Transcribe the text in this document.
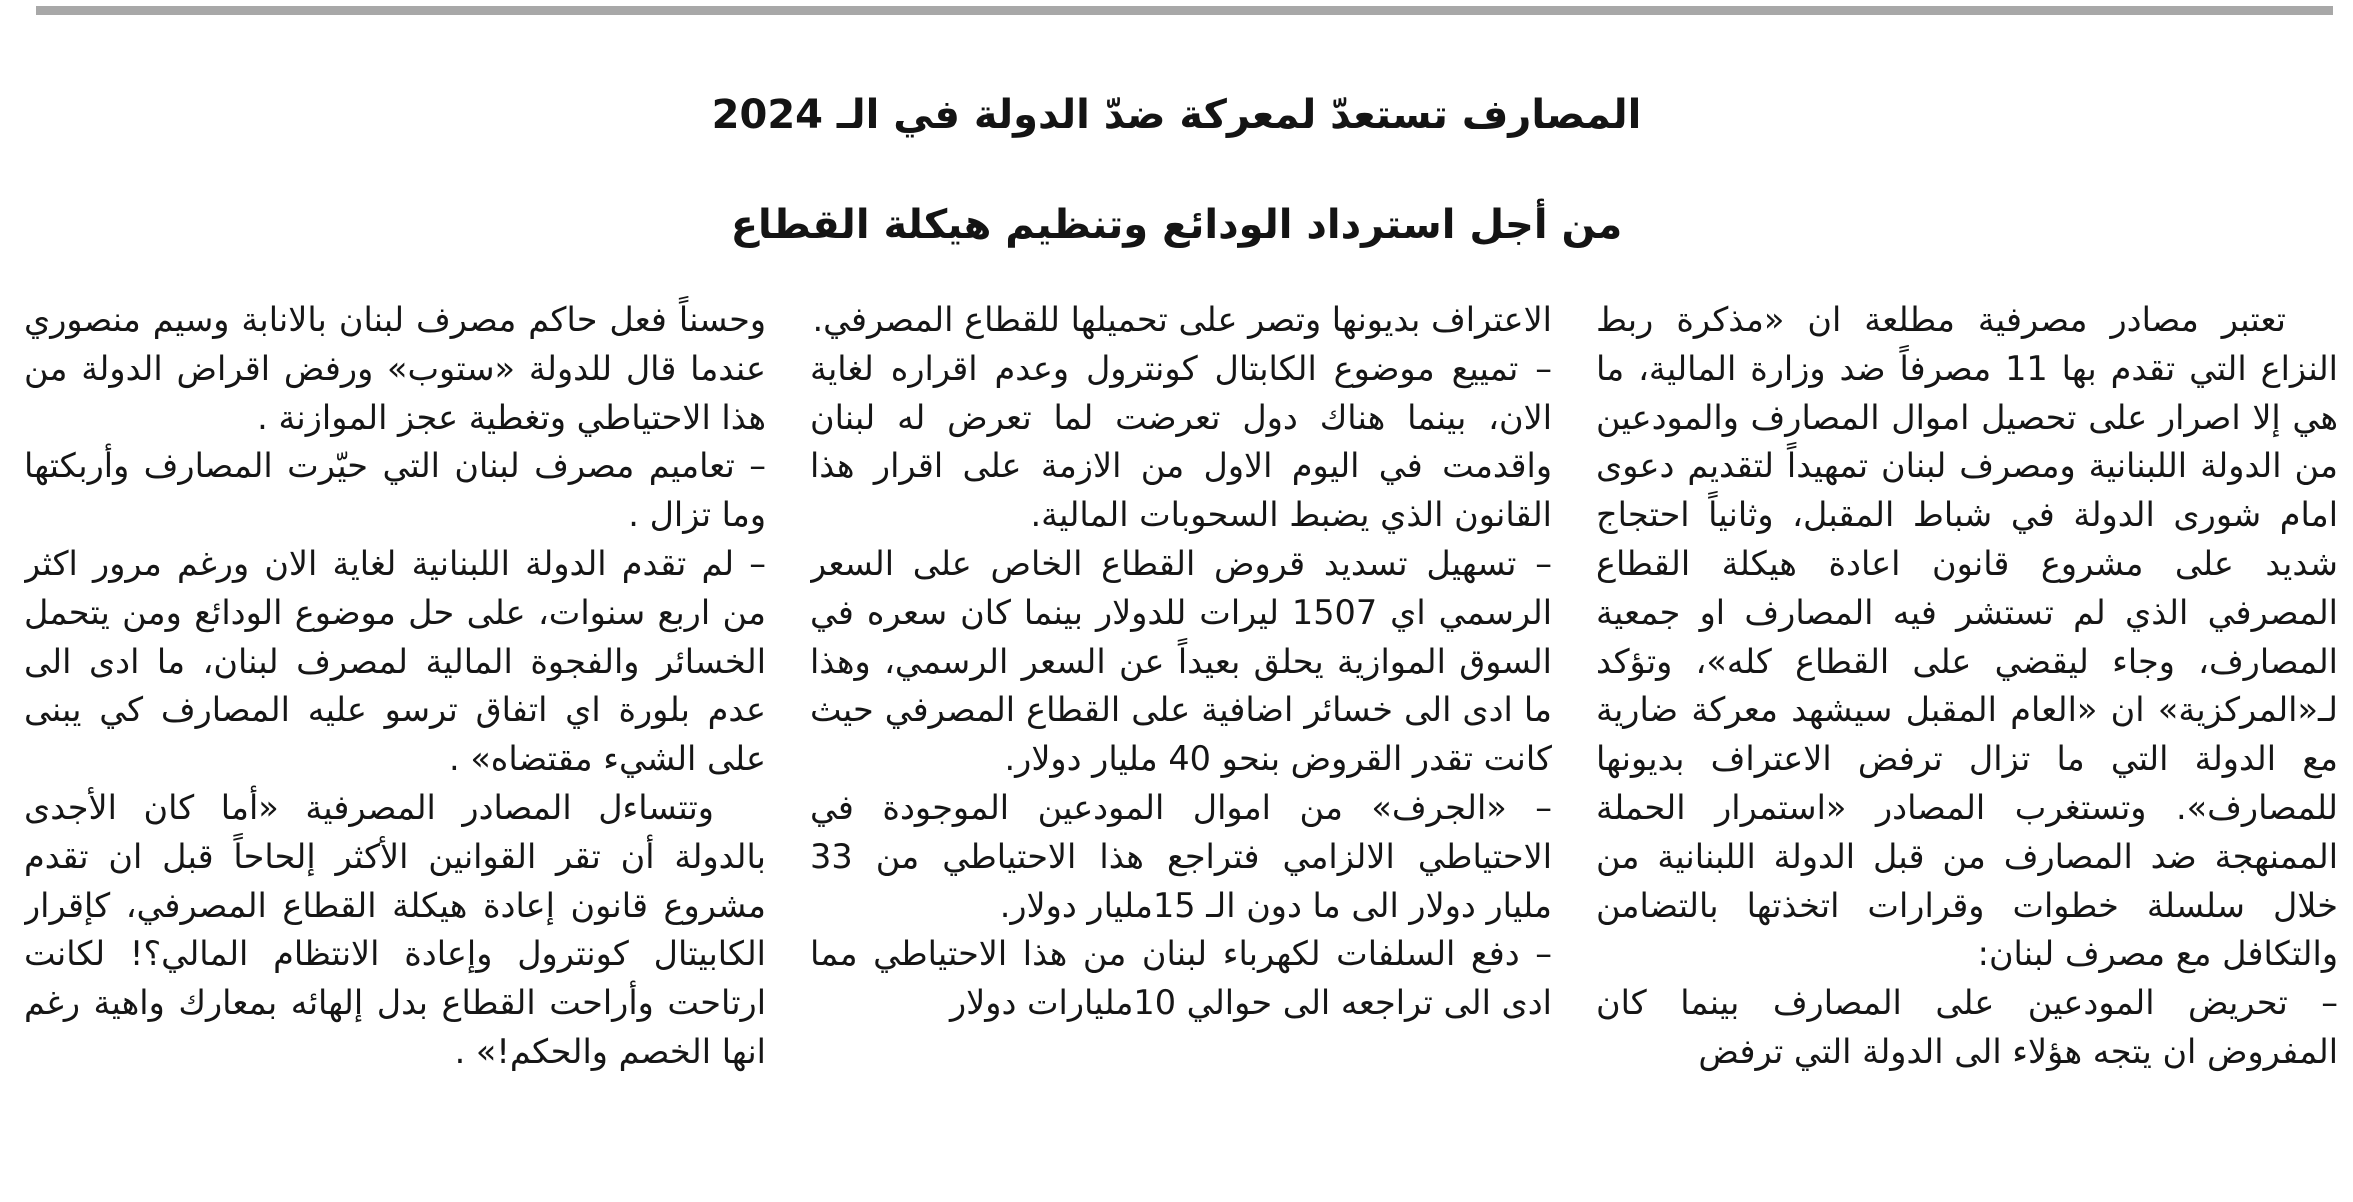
المصارف تستعدّ لمعركة ضدّ الدولة في الـ 2024
من أجل استرداد الودائع وتنظيم هيكلة القطاع

تعتبر مصادر مصرفية مطلعة ان «مذكرة ربط النزاع التي تقدم بها 11 مصرفاً ضد وزارة المالية، ما هي إلا اصرار على تحصيل اموال المصارف والمودعين من الدولة اللبنانية ومصرف لبنان تمهيداً لتقديم دعوى امام شورى الدولة في شباط المقبل، وثانياً احتجاج شديد على مشروع قانون اعادة هيكلة القطاع المصرفي الذي لم تستشر فيه المصارف او جمعية المصارف، وجاء ليقضي على القطاع كله»، وتؤكد لـ«المركزية» ان «العام المقبل سيشهد معركة ضارية مع الدولة التي ما تزال ترفض الاعتراف بديونها للمصارف». وتستغرب المصادر «استمرار الحملة الممنهجة ضد المصارف من قبل الدولة اللبنانية من خلال سلسلة خطوات وقرارات اتخذتها بالتضامن والتكافل مع مصرف لبنان:

– تحريض المودعين على المصارف بينما كان المفروض ان يتجه هؤلاء الى الدولة التي ترفض

الاعتراف بديونها وتصر على تحميلها للقطاع المصرفي.

– تمييع موضوع الكابتال كونترول وعدم اقراره لغاية الان، بينما هناك دول تعرضت لما تعرض له لبنان واقدمت في اليوم الاول من الازمة على اقرار هذا القانون الذي يضبط السحوبات المالية.

– تسهيل تسديد قروض القطاع الخاص على السعر الرسمي اي 1507 ليرات للدولار بينما كان سعره في السوق الموازية يحلق بعيداً عن السعر الرسمي، وهذا ما ادى الى خسائر اضافية على القطاع المصرفي حيث كانت تقدر القروض بنحو 40 مليار دولار.

– «الجرف» من اموال المودعين الموجودة في الاحتياطي الالزامي فتراجع هذا الاحتياطي من 33 مليار دولار الى ما دون الـ 15مليار دولار.

– دفع السلفات لكهرباء لبنان من هذا الاحتياطي مما ادى الى تراجعه الى حوالي 10مليارات دولار

وحسناً فعل حاكم مصرف لبنان بالانابة وسيم منصوري عندما قال للدولة «ستوب» ورفض اقراض الدولة من هذا الاحتياطي وتغطية عجز الموازنة .

– تعاميم مصرف لبنان التي حيّرت المصارف وأربكتها وما تزال .

– لم تقدم الدولة اللبنانية لغاية الان ورغم مرور اكثر من اربع سنوات، على حل موضوع الودائع ومن يتحمل الخسائر والفجوة المالية لمصرف لبنان، ما ادى الى عدم بلورة اي اتفاق ترسو عليه المصارف كي يبنى على الشيء مقتضاه» .

وتتساءل المصادر المصرفية «أما كان الأجدى بالدولة أن تقر القوانين الأكثر إلحاحاً قبل ان تقدم مشروع قانون إعادة هيكلة القطاع المصرفي، كإقرار الكابيتال كونترول وإعادة الانتظام المالي؟! لكانت ارتاحت وأراحت القطاع بدل إلهائه بمعارك واهية رغم انها الخصم والحكم!» .
